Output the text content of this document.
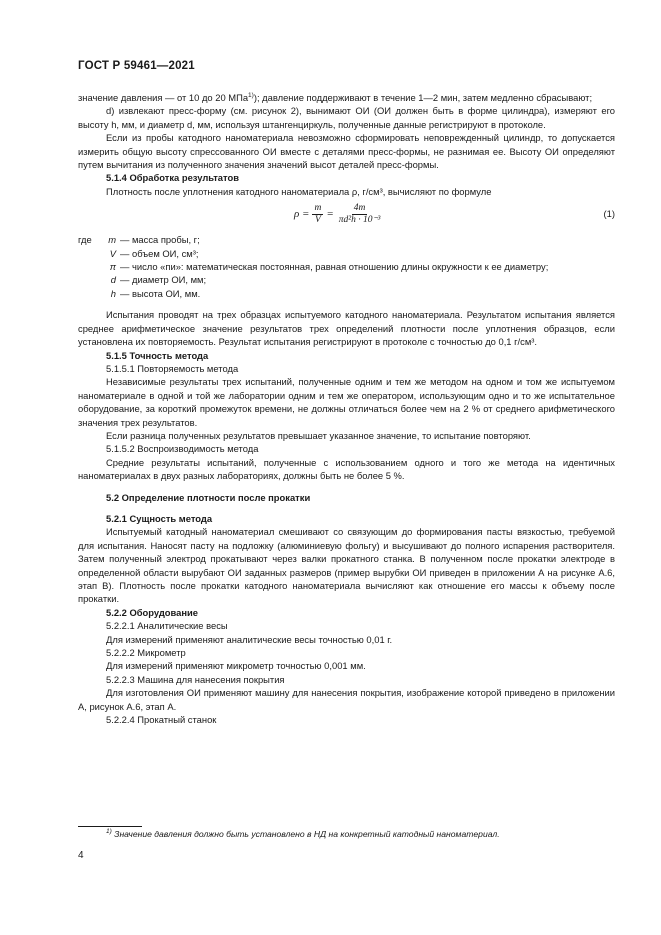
ГОСТ Р 59461—2021

значение давления — от 10 до 20 МПа$^{1)}$); давление поддерживают в течение 1—2 мин, затем медленно сбрасывают;

d) извлекают пресс-форму (см. рисунок 2), вынимают ОИ (ОИ должен быть в форме цилиндра), измеряют его высоту h, мм, и диаметр d, мм, используя штангенциркуль, полученные данные регистрируют в протоколе.

Если из пробы катодного наноматериала невозможно сформировать неповрежденный цилиндр, то допускается измерить общую высоту спрессованного ОИ вместе с деталями пресс-формы, не разнимая ее. Высоту ОИ определяют путем вычитания из полученного значения значений высот деталей пресс-формы.

5.1.4 Обработка результатов

Плотность после уплотнения катодного наноматериала ρ, г/см³, вычисляют по формуле

$\rho = \frac{m}{V} = \frac{4m}{\text{πd²h · 10⁻³}}$	(1)
где	m — масса пробы, г;
V — объем ОИ, см³;
π — число «пи»: математическая постоянная, равная отношению длины окружности к ее диаметру;
d — диаметр ОИ, мм;
h — высота ОИ, мм.

Испытания проводят на трех образцах испытуемого катодного наноматериала. Результатом испытания является среднее арифметическое значение результатов трех определений плотности после уплотнения образцов, если установлена их повторяемость. Результат испытания регистрируют в протоколе с точностью до 0,1 г/см³.

5.1.5 Точность метода

5.1.5.1 Повторяемость метода

Независимые результаты трех испытаний, полученные одним и тем же методом на одном и том же испытуемом наноматериале в одной и той же лаборатории одним и тем же оператором, использующим одно и то же испытательное оборудование, за короткий промежуток времени, не должны отличаться более чем на 2 % от среднего арифметического значения трех результатов.

Если разница полученных результатов превышает указанное значение, то испытание повторяют.

5.1.5.2 Воспроизводимость метода

Средние результаты испытаний, полученные с использованием одного и того же метода на идентичных наноматериалах в двух разных лабораториях, должны быть не более 5 %.

5.2 Определение плотности после прокатки

5.2.1 Сущность метода

Испытуемый катодный наноматериал смешивают со связующим до формирования пасты вязкостью, требуемой для испытания. Наносят пасту на подложку (алюминиевую фольгу) и высушивают до полного испарения растворителя. Затем полученный электрод прокатывают через валки прокатного станка. В полученном после прокатки электроде в определенной области вырубают ОИ заданных размеров (пример вырубки ОИ приведен в приложении А на рисунке А.6, этап В). Плотность после прокатки катодного наноматериала вычисляют как отношение его массы к объему после прокатки.

5.2.2 Оборудование

5.2.2.1 Аналитические весы

Для измерений применяют аналитические весы точностью 0,01 г.

5.2.2.2 Микрометр

Для измерений применяют микрометр точностью 0,001 мм.

5.2.2.3 Машина для нанесения покрытия

Для изготовления ОИ применяют машину для нанесения покрытия, изображение которой приведено в приложении А, рисунок А.6, этап А.

5.2.2.4 Прокатный станок

$^{1)}$ Значение давления должно быть установлено в НД на конкретный катодный наноматериал.
4
